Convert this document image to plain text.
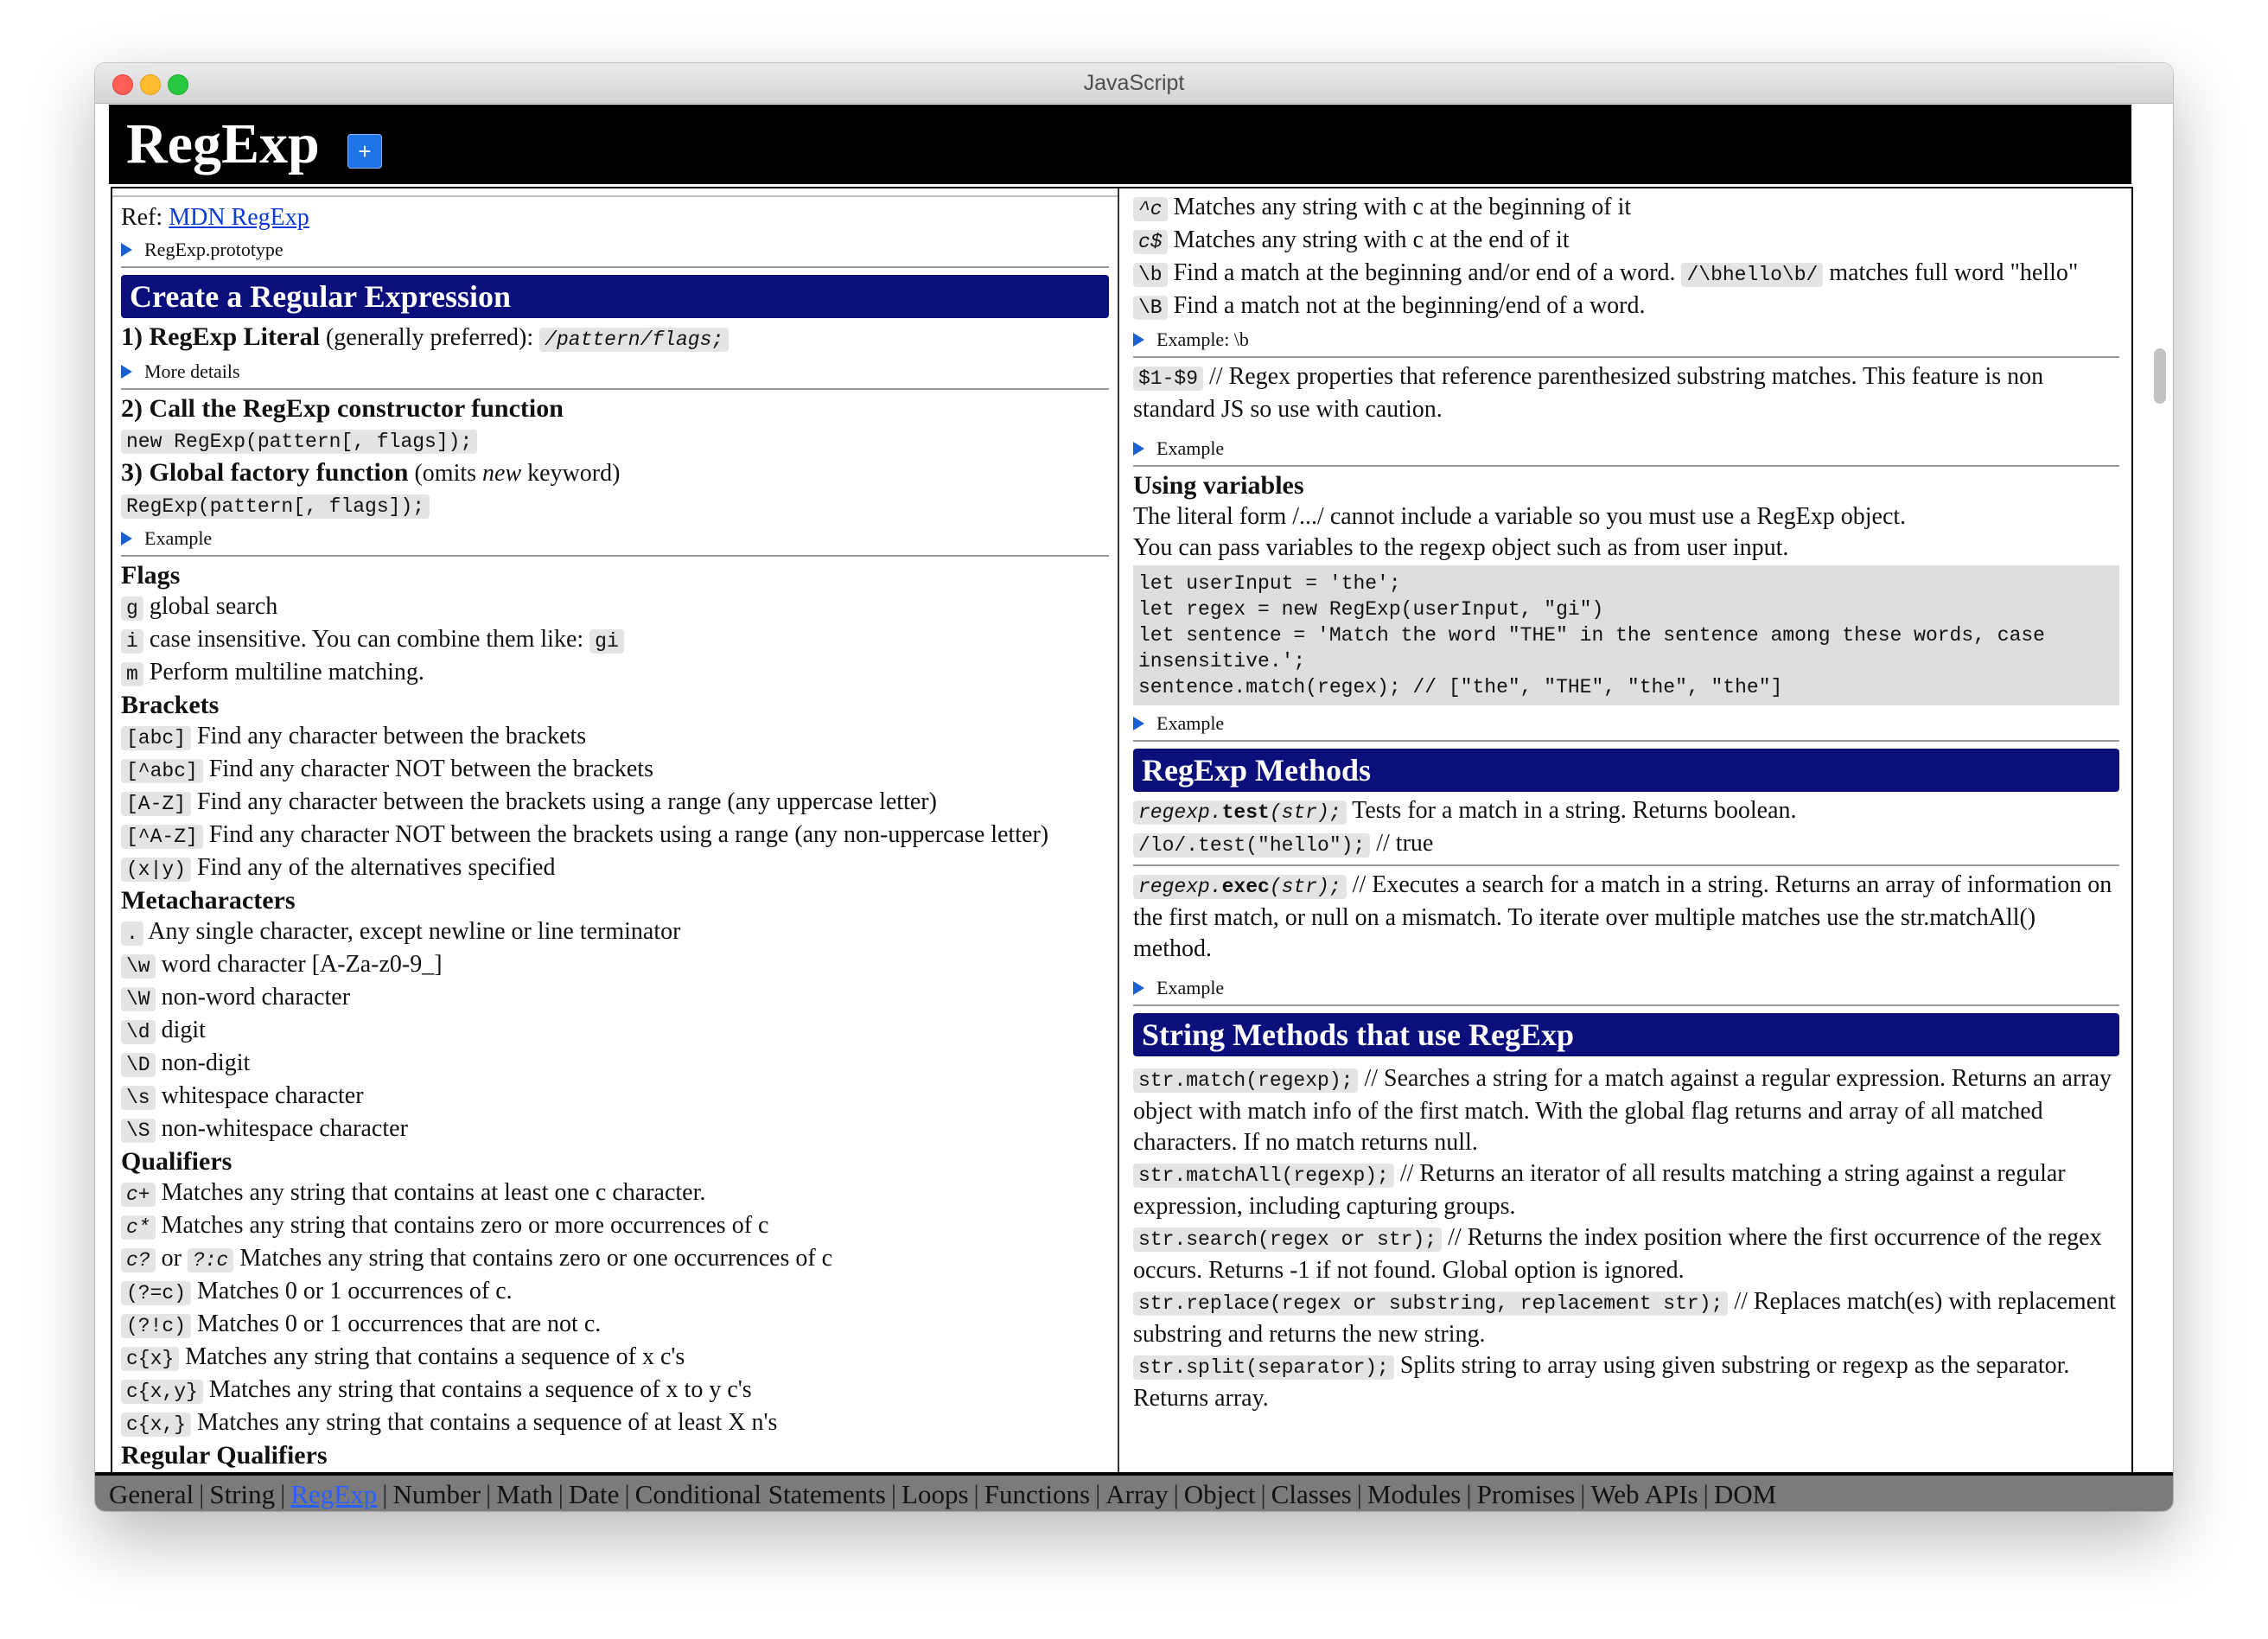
JavaScript
RegExp	+
Ref: MDN RegExp
RegExp.prototype
Create a Regular Expression
1) RegExp Literal (generally preferred): /pattern/flags;
More details
2) Call the RegExp constructor function
new RegExp(pattern[, flags]);
3) Global factory function (omits new keyword)
RegExp(pattern[, flags]);
Example
Flags
g global search
i case insensitive. You can combine them like: gi
m Perform multiline matching.
Brackets
[abc] Find any character between the brackets
[^abc] Find any character NOT between the brackets
[A-Z] Find any character between the brackets using a range (any uppercase letter)
[^A-Z] Find any character NOT between the brackets using a range (any non-uppercase letter)
(x|y) Find any of the alternatives specified
Metacharacters
. Any single character, except newline or line terminator
\w word character [A-Za-z0-9_]
\W non-word character
\d digit
\D non-digit
\s whitespace character
\S non-whitespace character
Qualifiers
c+ Matches any string that contains at least one c character.
c* Matches any string that contains zero or more occurrences of c
c? or ?:c Matches any string that contains zero or one occurrences of c
(?=c) Matches 0 or 1 occurrences of c.
(?!c) Matches 0 or 1 occurrences that are not c.
c{x} Matches any string that contains a sequence of x c's
c{x,y} Matches any string that contains a sequence of x to y c's
c{x,} Matches any string that contains a sequence of at least X n's
Regular Qualifiers
^c Matches any string with c at the beginning of it
c$ Matches any string with c at the end of it
\b Find a match at the beginning and/or end of a word. /\bhello\b/ matches full word "hello"
\B Find a match not at the beginning/end of a word.
Example: \b
$1-$9 // Regex properties that reference parenthesized substring matches. This feature is non standard JS so use with caution.
Example
Using variables
The literal form /.../ cannot include a variable so you must use a RegExp object.
You can pass variables to the regexp object such as from user input.
let userInput = 'the';
let regex = new RegExp(userInput, "gi")
let sentence = 'Match the word "THE" in the sentence among these words, case insensitive.';
sentence.match(regex); // ["the", "THE", "the", "the"]
Example
RegExp Methods
regexp.test(str); Tests for a match in a string. Returns boolean.
/lo/.test("hello"); // true
regexp.exec(str); // Executes a search for a match in a string. Returns an array of information on the first match, or null on a mismatch. To iterate over multiple matches use the str.matchAll() method.
Example
String Methods that use RegExp
str.match(regexp); // Searches a string for a match against a regular expression. Returns an array object with match info of the first match. With the global flag returns and array of all matched characters. If no match returns null.
str.matchAll(regexp); // Returns an iterator of all results matching a string against a regular expression, including capturing groups.
str.search(regex or str); // Returns the index position where the first occurrence of the regex occurs. Returns -1 if not found. Global option is ignored.
str.replace(regex or substring, replacement str); // Replaces match(es) with replacement substring and returns the new string.
str.split(separator); Splits string to array using given substring or regexp as the separator. Returns array.
General | String | RegExp | Number | Math | Date | Conditional Statements | Loops | Functions | Array | Object | Classes | Modules | Promises | Web APIs | DOM
